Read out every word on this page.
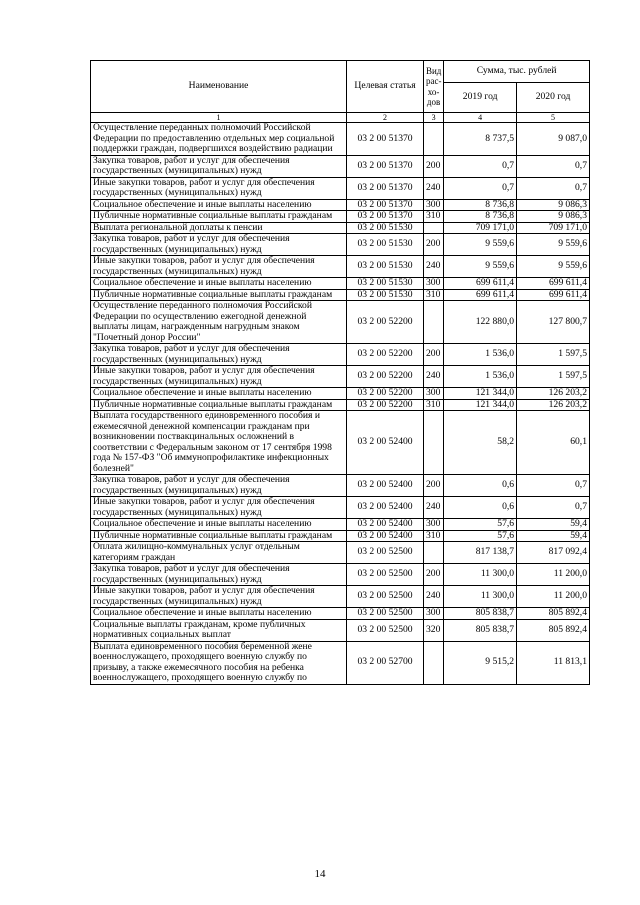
Наименование	Целевая статья	Вид рас-хо-дов	Сумма, тыс. рублей	
			2019 год	2020 год
1	2	3	4	5
Осуществление переданных полномочий Российской Федерации по предоставлению отдельных мер социальной поддержки граждан, подвергшихся воздействию радиации	03 2 00 51370		8 737,5	9 087,0
Закупка товаров, работ и услуг для обеспечения государственных (муниципальных) нужд	03 2 00 51370	200	0,7	0,7
Иные закупки товаров, работ и услуг для обеспечения государственных (муниципальных) нужд	03 2 00 51370	240	0,7	0,7
Социальное обеспечение и иные выплаты населению	03 2 00 51370	300	8 736,8	9 086,3
Публичные нормативные социальные выплаты гражданам	03 2 00 51370	310	8 736,8	9 086,3
Выплата региональной доплаты к пенсии	03 2 00 51530		709 171,0	709 171,0
Закупка товаров, работ и услуг для обеспечения государственных (муниципальных) нужд	03 2 00 51530	200	9 559,6	9 559,6
Иные закупки товаров, работ и услуг для обеспечения государственных (муниципальных) нужд	03 2 00 51530	240	9 559,6	9 559,6
Социальное обеспечение и иные выплаты населению	03 2 00 51530	300	699 611,4	699 611,4
Публичные нормативные социальные выплаты гражданам	03 2 00 51530	310	699 611,4	699 611,4
Осуществление переданного полномочия Российской Федерации по осуществлению ежегодной денежной выплаты лицам, награжденным нагрудным знаком "Почетный донор России"	03 2 00 52200		122 880,0	127 800,7
Закупка товаров, работ и услуг для обеспечения государственных (муниципальных) нужд	03 2 00 52200	200	1 536,0	1 597,5
Иные закупки товаров, работ и услуг для обеспечения государственных (муниципальных) нужд	03 2 00 52200	240	1 536,0	1 597,5
Социальное обеспечение и иные выплаты населению	03 2 00 52200	300	121 344,0	126 203,2
Публичные нормативные социальные выплаты гражданам	03 2 00 52200	310	121 344,0	126 203,2
Выплата государственного единовременного пособия и ежемесячной денежной компенсации гражданам при возникновении поствакцинальных осложнений в соответствии с Федеральным законом от 17 сентября 1998 года № 157-ФЗ "Об иммунопрофилактике инфекционных болезней"	03 2 00 52400		58,2	60,1
Закупка товаров, работ и услуг для обеспечения государственных (муниципальных) нужд	03 2 00 52400	200	0,6	0,7
Иные закупки товаров, работ и услуг для обеспечения государственных (муниципальных) нужд	03 2 00 52400	240	0,6	0,7
Социальное обеспечение и иные выплаты населению	03 2 00 52400	300	57,6	59,4
Публичные нормативные социальные выплаты гражданам	03 2 00 52400	310	57,6	59,4
Оплата жилищно-коммунальных услуг отдельным категориям граждан	03 2 00 52500		817 138,7	817 092,4
Закупка товаров, работ и услуг для обеспечения государственных (муниципальных) нужд	03 2 00 52500	200	11 300,0	11 200,0
Иные закупки товаров, работ и услуг для обеспечения государственных (муниципальных) нужд	03 2 00 52500	240	11 300,0	11 200,0
Социальное обеспечение и иные выплаты населению	03 2 00 52500	300	805 838,7	805 892,4
Социальные выплаты гражданам, кроме публичных нормативных социальных выплат	03 2 00 52500	320	805 838,7	805 892,4
Выплата единовременного пособия беременной жене военнослужащего, проходящего военную службу по призыву, а также ежемесячного пособия на ребенка военнослужащего, проходящего военную службу по	03 2 00 52700		9 515,2	11 813,1
14
